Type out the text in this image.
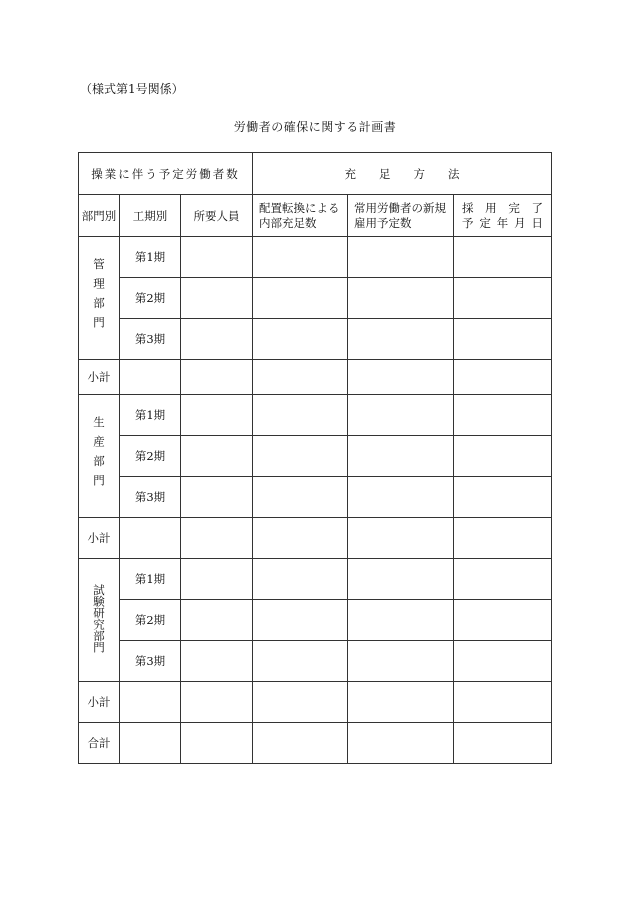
（様式第1号関係）
労働者の確保に関する計画書
操業に伴う予定労働者数			充　　足　　方　　法		
部門別	工期別	所要人員	配置転換による内部充足数	常用労働者の新規雇用予定数	採 用 完 了
予 定 年 月 日

管理部門	第1期				
	第2期				
	第3期				
小計					
生産部門	第1期				
	第2期				
	第3期				
小計					
試験研究部門	第1期				
	第2期				
	第3期				
小計					
合計					
